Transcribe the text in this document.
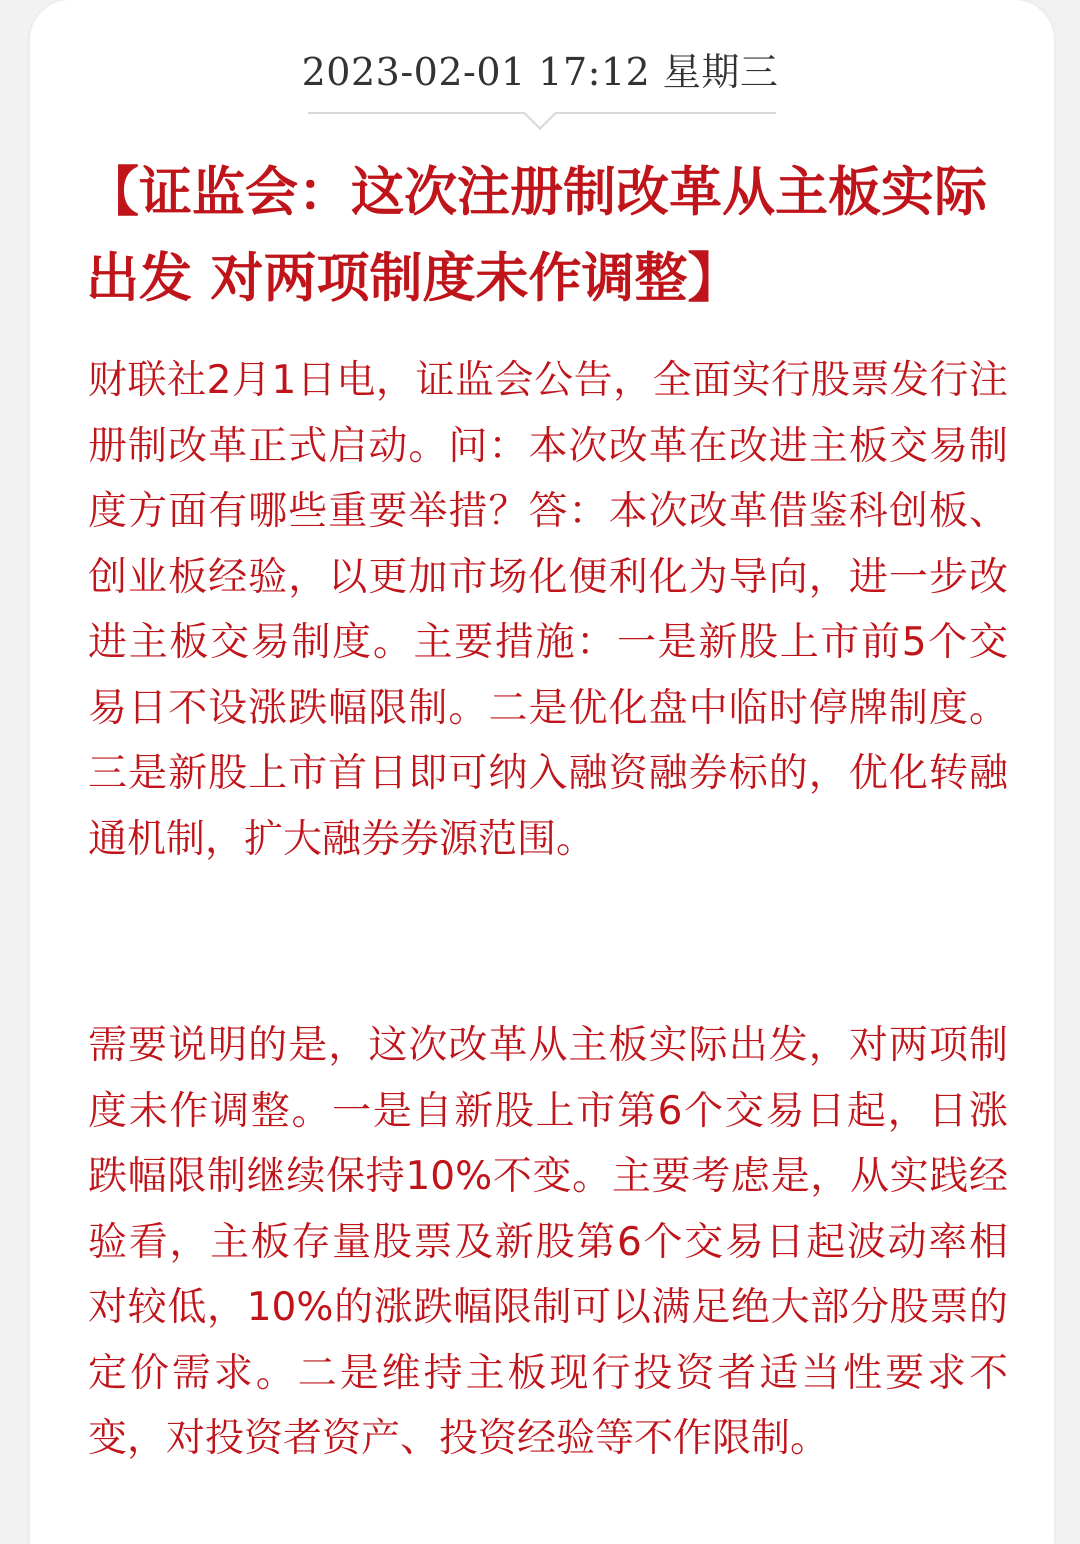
2023-02-01 17:12 星期三
【证监会：这次注册制改革从主板实际出发 对两项制度未作调整】
财联社2月1日电，证监会公告，全面实行股票发行注册制改革正式启动。问：本次改革在改进主板交易制度方面有哪些重要举措？答：本次改革借鉴科创板、创业板经验，以更加市场化便利化为导向，进一步改进主板交易制度。主要措施：一是新股上市前5个交易日不设涨跌幅限制。二是优化盘中临时停牌制度。三是新股上市首日即可纳入融资融券标的，优化转融通机制，扩大融券券源范围。
需要说明的是，这次改革从主板实际出发，对两项制度未作调整。一是自新股上市第6个交易日起，日涨跌幅限制继续保持10%不变。主要考虑是，从实践经验看，主板存量股票及新股第6个交易日起波动率相对较低，10%的涨跌幅限制可以满足绝大部分股票的定价需求。二是维持主板现行投资者适当性要求不变，对投资者资产、投资经验等不作限制。
